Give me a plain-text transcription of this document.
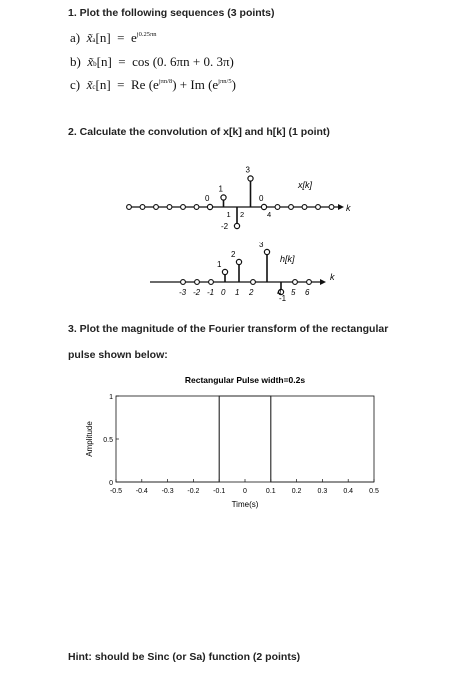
1. Plot the following sequences (3 points)
a) x̃a[n] = $e^{j0.25\pi n}$
b) x̃b[n] = cos (0. 6πn + 0. 3π)
c) x̃c[n] = Re $(e^{j\pi n/8}) + Im$ $(e^{j\pi n/5})$
2. Calculate the convolution of x[k] and h[k] (1 point)
k
x[k]
0
1
-2
3
0
1 2	4
k
h[k]
1
2
3
-1
-3 -2 -1 0 1 2	4 5 6
3. Plot the magnitude of the Fourier transform of the rectangular
pulse shown below:
Rectangular Pulse width=0.2s
-0.5 -0.4 -0.3 -0.2 -0.1	0	0.1 0.2 0.3 0.4 0.5
0
0.5
1
Time(s)
Amplitude
Hint: should be Sinc (or Sa) function (2 points)
